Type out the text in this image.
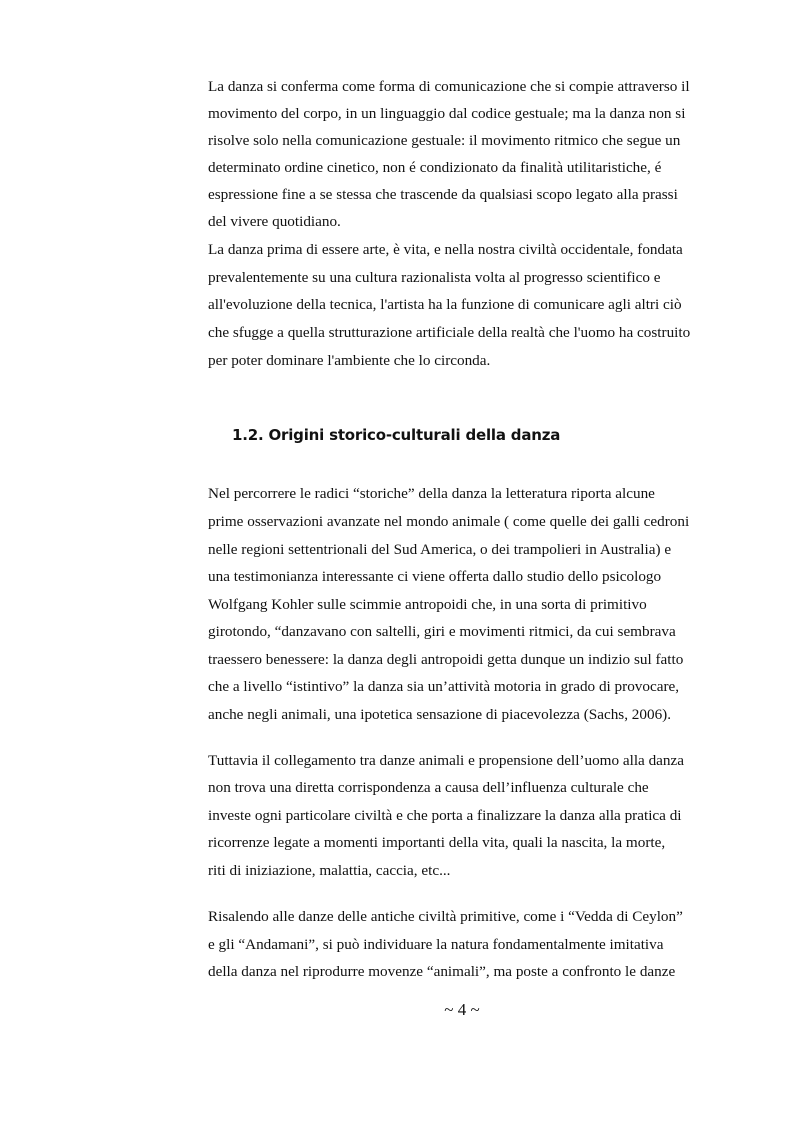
La danza si conferma come forma di comunicazione che si compie attraverso il
movimento del corpo, in un linguaggio dal codice gestuale; ma la danza non si
risolve solo nella comunicazione gestuale: il movimento ritmico che segue un
determinato ordine cinetico, non é condizionato da finalità utilitaristiche, é
espressione fine a se stessa che trascende da qualsiasi scopo legato alla prassi
del vivere quotidiano.
La danza prima di essere arte, è vita, e nella nostra civiltà occidentale, fondata
prevalentemente su una cultura razionalista volta al progresso scientifico e
all'evoluzione della tecnica, l'artista ha la funzione di comunicare agli altri ciò
che sfugge a quella strutturazione artificiale della realtà che l'uomo ha costruito
per poter dominare l'ambiente che lo circonda.
1.2. Origini storico-culturali della danza
Nel percorrere le radici “storiche” della danza la letteratura riporta alcune
prime osservazioni avanzate nel mondo animale ( come quelle dei galli cedroni
nelle regioni settentrionali del Sud America, o dei trampolieri in Australia) e
una testimonianza interessante ci viene offerta dallo studio dello psicologo
Wolfgang Kohler sulle scimmie antropoidi che, in una sorta di primitivo
girotondo, “danzavano con saltelli, giri e movimenti ritmici, da cui sembrava
traessero benessere: la danza degli antropoidi getta dunque un indizio sul fatto
che a livello “istintivo” la danza sia un’attività motoria in grado di provocare,
anche negli animali, una ipotetica sensazione di piacevolezza (Sachs, 2006).
Tuttavia il collegamento tra danze animali e propensione dell’uomo alla danza
non trova una diretta corrispondenza a causa dell’influenza culturale che
investe ogni particolare civiltà e che porta a finalizzare la danza alla pratica di
ricorrenze legate a momenti importanti della vita, quali la nascita, la morte,
riti di iniziazione, malattia, caccia, etc...
Risalendo alle danze delle antiche civiltà primitive, come i “Vedda di Ceylon”
e gli “Andamani”, si può individuare la natura fondamentalmente imitativa
della danza nel riprodurre movenze “animali”, ma poste a confronto le danze
~ 4 ~
